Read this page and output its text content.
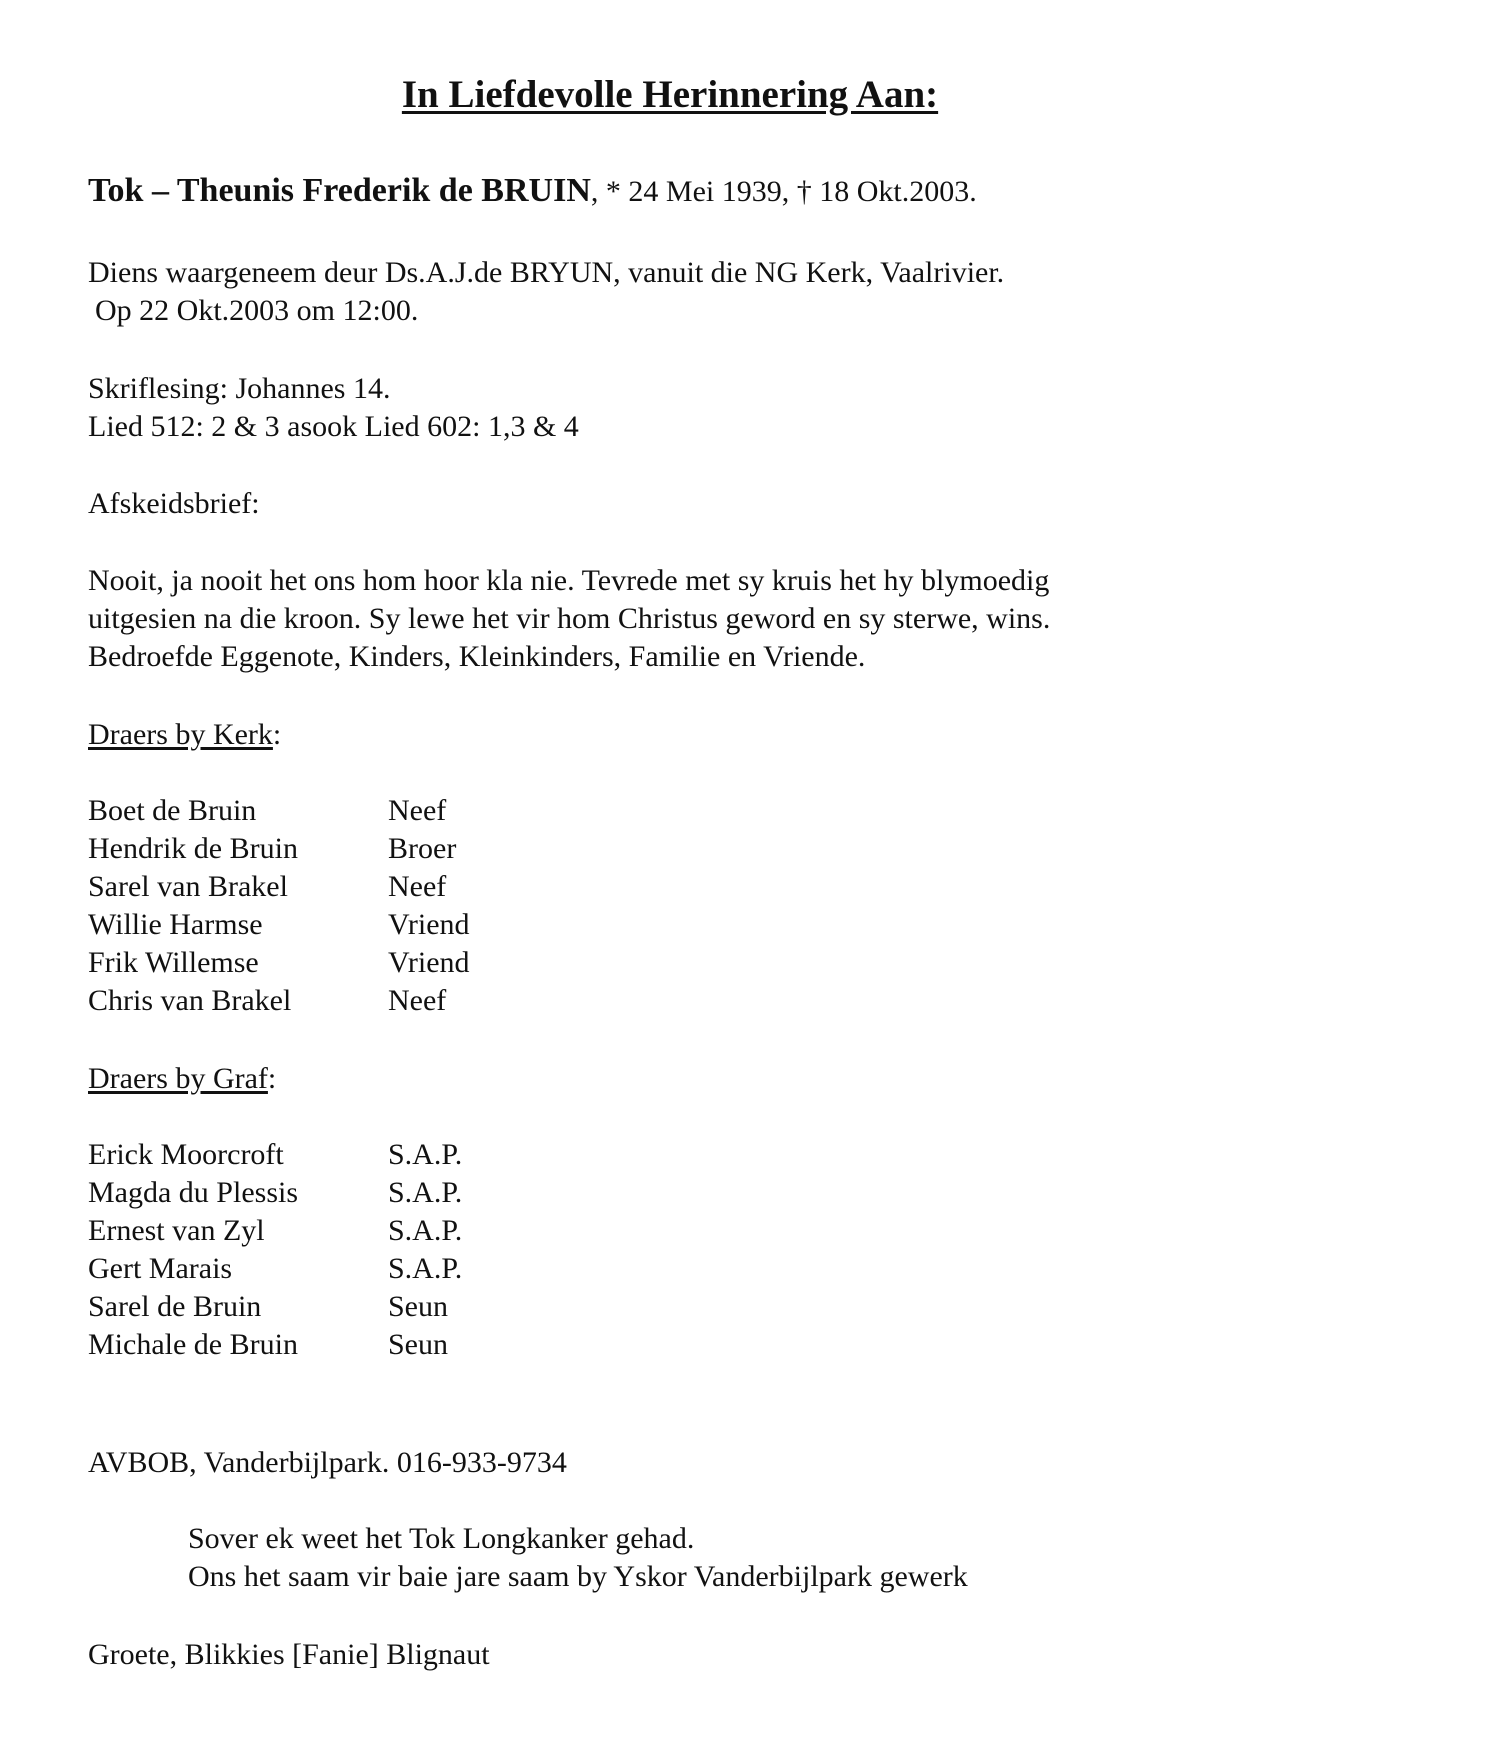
In Liefdevolle Herinnering Aan:
Tok – Theunis Frederik de BRUIN, * 24 Mei 1939, † 18 Okt.2003.
Diens waargeneem deur Ds.A.J.de BRYUN, vanuit die NG Kerk, Vaalrivier.
Op 22 Okt.2003 om 12:00.
Skriflesing: Johannes 14.
Lied 512: 2 & 3 asook Lied 602: 1,3 & 4
Afskeidsbrief:
Nooit, ja nooit het ons hom hoor kla nie. Tevrede met sy kruis het hy blymoedig
uitgesien na die kroon. Sy lewe het vir hom Christus geword en sy sterwe, wins.
Bedroefde Eggenote, Kinders, Kleinkinders, Familie en Vriende.
Draers by Kerk:
Boet de Bruin	Neef
Hendrik de Bruin	Broer
Sarel van Brakel	Neef
Willie Harmse	Vriend
Frik Willemse	Vriend
Chris van Brakel	Neef
Draers by Graf:
Erick Moorcroft	S.A.P.
Magda du Plessis	S.A.P.
Ernest van Zyl	S.A.P.
Gert Marais	S.A.P.
Sarel de Bruin	Seun
Michale de Bruin	Seun
AVBOB, Vanderbijlpark. 016-933-9734
Sover ek weet het Tok Longkanker gehad.
Ons het saam vir baie jare saam by Yskor Vanderbijlpark gewerk
Groete, Blikkies [Fanie] Blignaut
